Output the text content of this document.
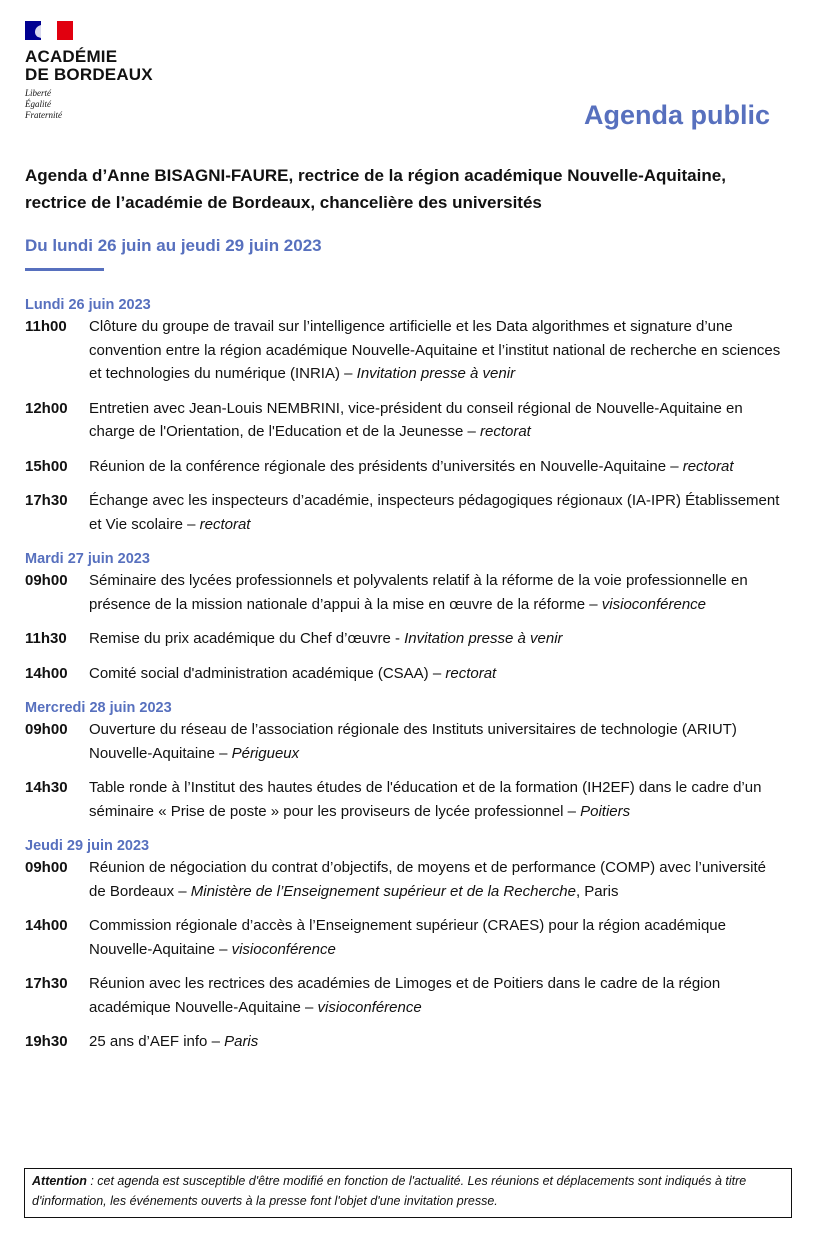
ACADÉMIE
DE BORDEAUX
Liberté
Égalité
Fraternité	Agenda public
Agenda d’Anne BISAGNI-FAURE, rectrice de la région académique Nouvelle-Aquitaine, rectrice de l’académie de Bordeaux, chancelière des universités
Du lundi 26 juin au jeudi 29 juin 2023
Lundi 26 juin 2023
11h00	Clôture du groupe de travail sur l’intelligence artificielle et les Data algorithmes et signature d’une convention entre la région académique Nouvelle-Aquitaine et l’institut national de recherche en sciences et technologies du numérique (INRIA) – Invitation presse à venir
12h00	Entretien avec Jean-Louis NEMBRINI, vice-président du conseil régional de Nouvelle-Aquitaine en charge de l'Orientation, de l'Education et de la Jeunesse – rectorat
15h00	Réunion de la conférence régionale des présidents d’universités en Nouvelle-Aquitaine – rectorat
17h30	Échange avec les inspecteurs d’académie, inspecteurs pédagogiques régionaux (IA-IPR) Établissement et Vie scolaire – rectorat
Mardi 27 juin 2023
09h00	Séminaire des lycées professionnels et polyvalents relatif à la réforme de la voie professionnelle en présence de la mission nationale d’appui à la mise en œuvre de la réforme – visioconférence
11h30	Remise du prix académique du Chef d’œuvre - Invitation presse à venir
14h00	Comité social d'administration académique (CSAA) – rectorat
Mercredi 28 juin 2023
09h00	Ouverture du réseau de l’association régionale des Instituts universitaires de technologie (ARIUT) Nouvelle-Aquitaine – Périgueux
14h30	Table ronde à l’Institut des hautes études de l'éducation et de la formation (IH2EF) dans le cadre d’un séminaire « Prise de poste » pour les proviseurs de lycée professionnel – Poitiers
Jeudi 29 juin 2023
09h00	Réunion de négociation du contrat d’objectifs, de moyens et de performance (COMP) avec l’université de Bordeaux – Ministère de l’Enseignement supérieur et de la Recherche, Paris
14h00	Commission régionale d’accès à l’Enseignement supérieur (CRAES) pour la région académique Nouvelle-Aquitaine – visioconférence
17h30	Réunion avec les rectrices des académies de Limoges et de Poitiers dans le cadre de la région académique Nouvelle-Aquitaine – visioconférence
19h30	25 ans d’AEF info – Paris
Attention : cet agenda est susceptible d'être modifié en fonction de l'actualité. Les réunions et déplacements sont indiqués à titre d'information, les événements ouverts à la presse font l'objet d'une invitation presse.
